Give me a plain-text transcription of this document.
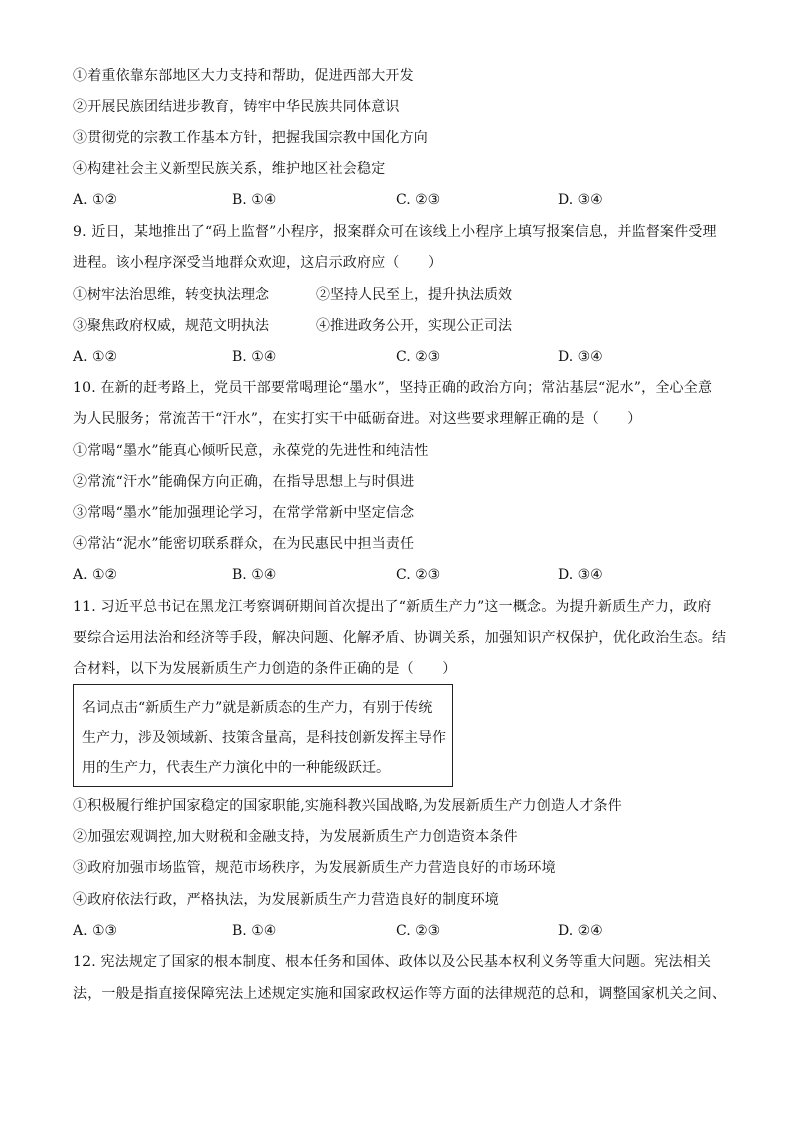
①着重依靠东部地区大力支持和帮助，促进西部大开发
②开展民族团结进步教育，铸牢中华民族共同体意识
③贯彻党的宗教工作基本方针，把握我国宗教中国化方向
④构建社会主义新型民族关系，维护地区社会稳定
A. ①②	B. ①④	C. ②③	D. ③④
9. 近日，某地推出了“码上监督”小程序，报案群众可在该线上小程序上填写报案信息，并监督案件受理
进程。该小程序深受当地群众欢迎，这启示政府应（　　）
①树牢法治思维，转变执法理念	②坚持人民至上，提升执法质效
③聚焦政府权威，规范文明执法	④推进政务公开，实现公正司法
A. ①②	B. ①④	C. ②③	D. ③④
10. 在新的赶考路上，党员干部要常喝理论“墨水”，坚持正确的政治方向；常沾基层“泥水”，全心全意
为人民服务；常流苦干“汗水”，在实打实干中砥砺奋进。对这些要求理解正确的是（　　）
①常喝“墨水”能真心倾听民意，永葆党的先进性和纯洁性
②常流“汗水”能确保方向正确，在指导思想上与时俱进
③常喝“墨水”能加强理论学习，在常学常新中坚定信念
④常沾“泥水”能密切联系群众，在为民惠民中担当责任
A. ①②	B. ①④	C. ②③	D. ③④
11. 习近平总书记在黑龙江考察调研期间首次提出了“新质生产力”这一概念。为提升新质生产力，政府
要综合运用法治和经济等手段，解决问题、化解矛盾、协调关系，加强知识产权保护，优化政治生态。结
合材料，以下为发展新质生产力创造的条件正确的是（　　）
名词点击“新质生产力”就是新质态的生产力，有别于传统
生产力，涉及领域新、技策含量高，是科技创新发挥主导作
用的生产力，代表生产力演化中的一种能级跃迁。
①积极履行维护国家稳定的国家职能,实施科教兴国战略,为发展新质生产力创造人才条件
②加强宏观调控,加大财税和金融支持，为发展新质生产力创造资本条件
③政府加强市场监管，规范市场秩序，为发展新质生产力营造良好的市场环境
④政府依法行政，严格执法，为发展新质生产力营造良好的制度环境
A. ①③	B. ①④	C. ②③	D. ②④
12. 宪法规定了国家的根本制度、根本任务和国体、政体以及公民基本权利义务等重大问题。宪法相关
法，一般是指直接保障宪法上述规定实施和国家政权运作等方面的法律规范的总和，调整国家机关之间、
